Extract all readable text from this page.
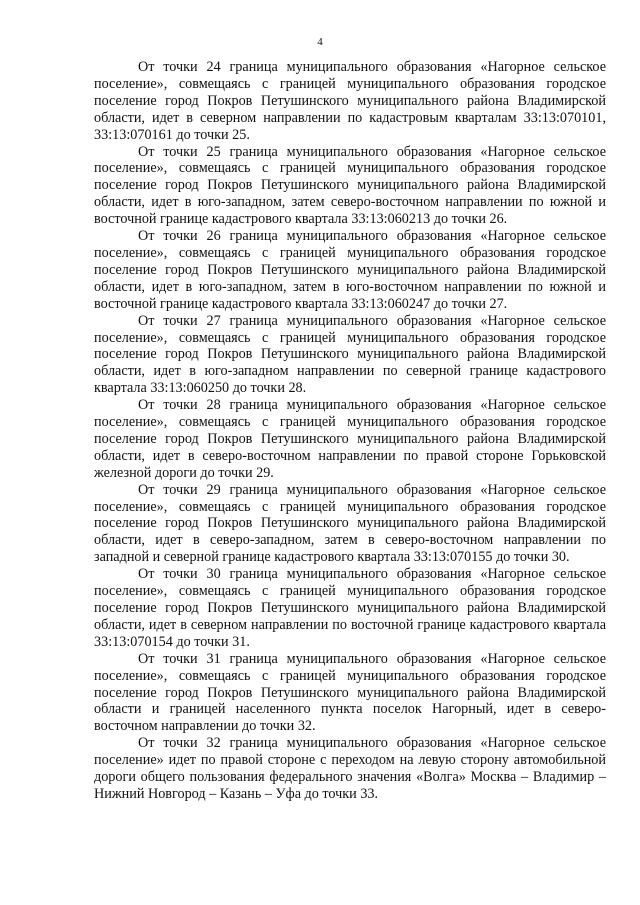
4

От точки 24 граница муниципального образования «Нагорное сельское поселение», совмещаясь с границей муниципального образования городское поселение город Покров Петушинского муниципального района Владимирской области, идет в северном направлении по кадастровым кварталам 33:13:070101, 33:13:070161 до точки 25.

От точки 25 граница муниципального образования «Нагорное сельское поселение», совмещаясь с границей муниципального образования городское поселение город Покров Петушинского муниципального района Владимирской области, идет в юго-западном, затем северо-восточном направлении по южной и восточной границе кадастрового квартала 33:13:060213 до точки 26.

От точки 26 граница муниципального образования «Нагорное сельское поселение», совмещаясь с границей муниципального образования городское поселение город Покров Петушинского муниципального района Владимирской области, идет в юго-западном, затем в юго-восточном направлении по южной и восточной границе кадастрового квартала 33:13:060247 до точки 27.

От точки 27 граница муниципального образования «Нагорное сельское поселение», совмещаясь с границей муниципального образования городское поселение город Покров Петушинского муниципального района Владимирской области, идет в юго-западном направлении по северной границе кадастрового квартала 33:13:060250 до точки 28.

От точки 28 граница муниципального образования «Нагорное сельское поселение», совмещаясь с границей муниципального образования городское поселение город Покров Петушинского муниципального района Владимирской области, идет в северо-восточном направлении по правой стороне Горьковской железной дороги до точки 29.

От точки 29 граница муниципального образования «Нагорное сельское поселение», совмещаясь с границей муниципального образования городское поселение город Покров Петушинского муниципального района Владимирской области, идет в северо-западном, затем в северо-восточном направлении по западной и северной границе кадастрового квартала 33:13:070155 до точки 30.

От точки 30 граница муниципального образования «Нагорное сельское поселение», совмещаясь с границей муниципального образования городское поселение город Покров Петушинского муниципального района Владимирской области, идет в северном направлении по восточной границе кадастрового квартала 33:13:070154 до точки 31.

От точки 31 граница муниципального образования «Нагорное сельское поселение», совмещаясь с границей муниципального образования городское поселение город Покров Петушинского муниципального района Владимирской области и границей населенного пункта поселок Нагорный, идет в северо-восточном направлении до точки 32.

От точки 32 граница муниципального образования «Нагорное сельское поселение» идет по правой стороне с переходом на левую сторону автомобильной дороги общего пользования федерального значения «Волга» Москва – Владимир – Нижний Новгород – Казань – Уфа до точки 33.
